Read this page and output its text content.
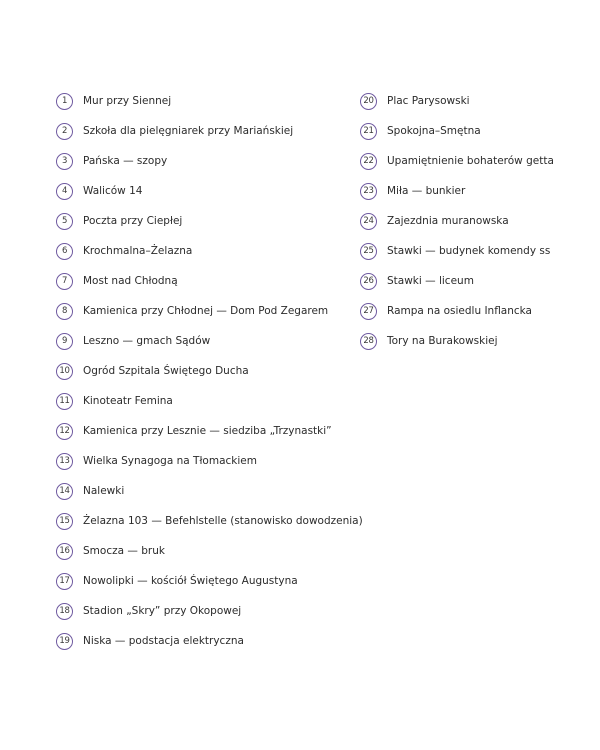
1	Mur przy Siennej
2	Szkoła dla pielęgniarek przy Mariańskiej
3	Pańska — szopy
4	Waliców 14
5	Poczta przy Ciepłej
6	Krochmalna–Żelazna
7	Most nad Chłodną
8	Kamienica przy Chłodnej — Dom Pod Zegarem
9	Leszno — gmach Sądów
10	Ogród Szpitala Świętego Ducha
11	Kinoteatr Femina
12	Kamienica przy Lesznie — siedziba „Trzynastki”
13	Wielka Synagoga na Tłomackiem
14	Nalewki
15	Żelazna 103 — Befehlstelle (stanowisko dowodzenia)
16	Smocza — bruk
17	Nowolipki — kościół Świętego Augustyna
18	Stadion „Skry” przy Okopowej
19	Niska — podstacja elektryczna
20	Plac Parysowski
21	Spokojna–Smętna
22	Upamiętnienie bohaterów getta
23	Miła — bunkier
24	Zajezdnia muranowska
25	Stawki — budynek komendy ss
26	Stawki — liceum
27	Rampa na osiedlu Inflancka
28	Tory na Burakowskiej
